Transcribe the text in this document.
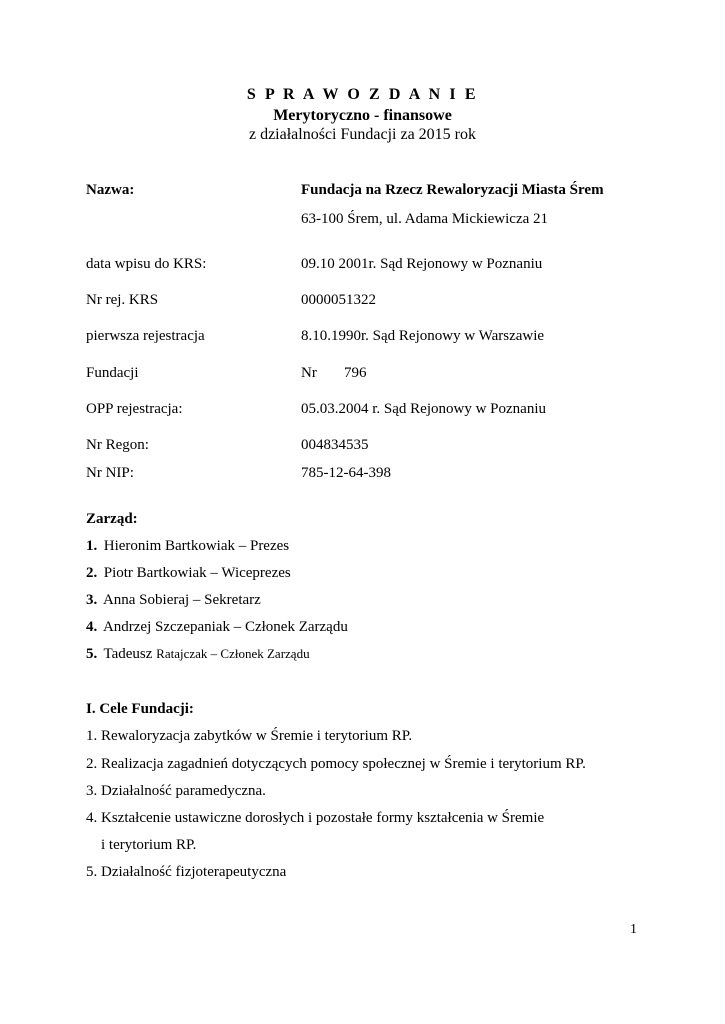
S P R A W O Z D A N I E
Merytoryczno - finansowe
z działalności Fundacji za 2015 rok
Nazwa:	Fundacja na Rzecz Rewaloryzacji Miasta Śrem
63-100 Śrem, ul. Adama Mickiewicza 21
data wpisu do KRS:	09.10 2001r. Sąd Rejonowy w Poznaniu
Nr rej. KRS	0000051322
pierwsza rejestracja	8.10.1990r. Sąd Rejonowy w Warszawie
Fundacji	Nr 796
OPP rejestracja:	05.03.2004 r. Sąd Rejonowy w Poznaniu
Nr Regon:	004834535
Nr NIP:	785-12-64-398
Zarząd:
1. Hieronim Bartkowiak – Prezes
2. Piotr Bartkowiak – Wiceprezes
3. Anna Sobieraj – Sekretarz
4. Andrzej Szczepaniak – Członek Zarządu
5. Tadeusz Ratajczak – Członek Zarządu
I. Cele Fundacji:
1. Rewaloryzacja zabytków w Śremie i terytorium RP.
2. Realizacja zagadnień dotyczących pomocy społecznej w Śremie i terytorium RP.
3. Działalność paramedyczna.
4. Kształcenie ustawiczne dorosłych i pozostałe formy kształcenia w Śremie
i terytorium RP.
5. Działalność fizjoterapeutyczna
1
